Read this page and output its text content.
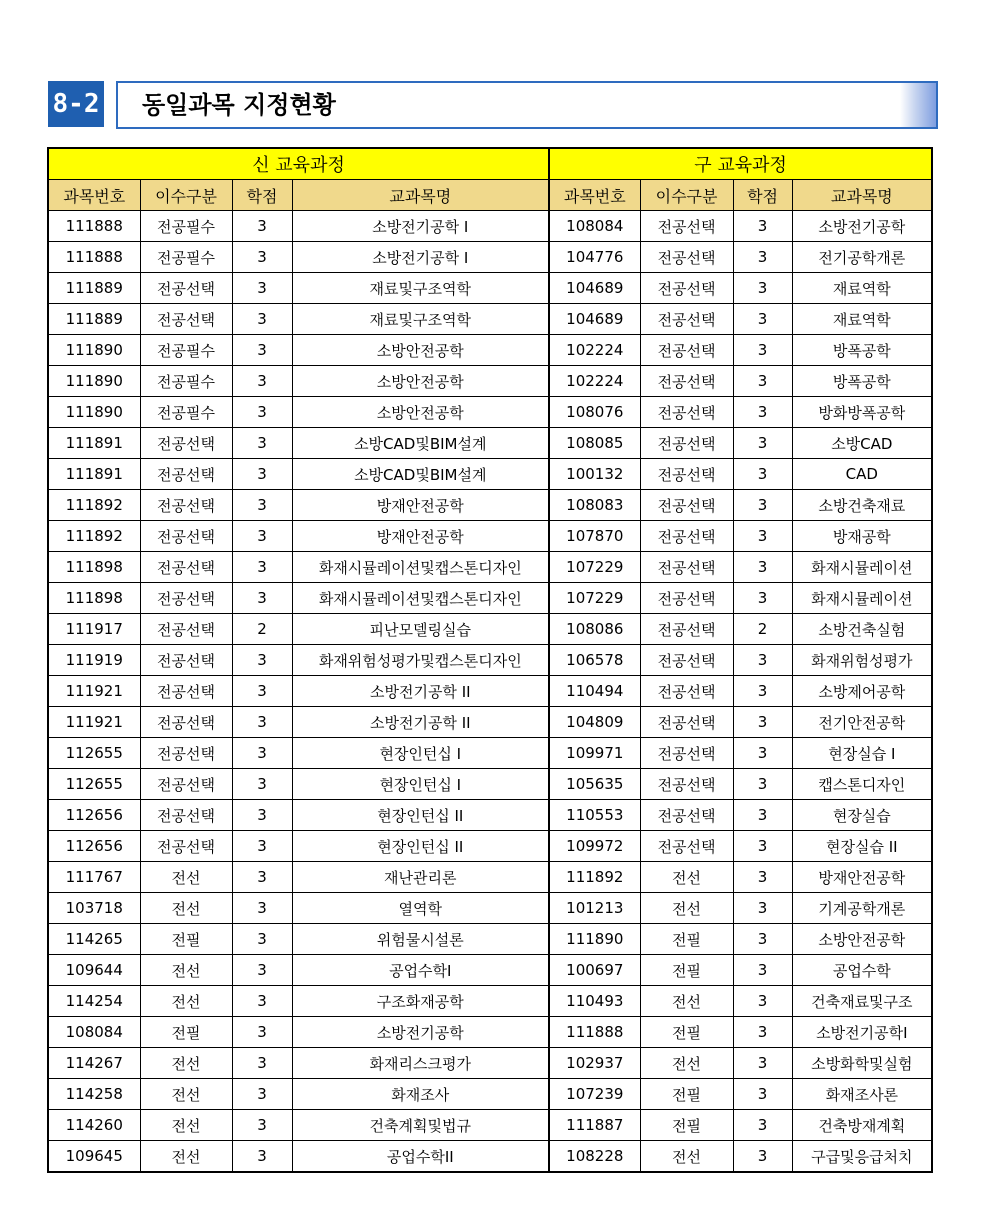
8-2 동일과목 지정현황
신 교육과정				구 교육과정			
과목번호	이수구분	학점	교과목명	과목번호	이수구분	학점	교과목명
111888	전공필수	3	소방전기공학 I	108084	전공선택	3	소방전기공학
111888	전공필수	3	소방전기공학 I	104776	전공선택	3	전기공학개론
111889	전공선택	3	재료및구조역학	104689	전공선택	3	재료역학
111889	전공선택	3	재료및구조역학	104689	전공선택	3	재료역학
111890	전공필수	3	소방안전공학	102224	전공선택	3	방폭공학
111890	전공필수	3	소방안전공학	102224	전공선택	3	방폭공학
111890	전공필수	3	소방안전공학	108076	전공선택	3	방화방폭공학
111891	전공선택	3	소방CAD및BIM설계	108085	전공선택	3	소방CAD
111891	전공선택	3	소방CAD및BIM설계	100132	전공선택	3	CAD
111892	전공선택	3	방재안전공학	108083	전공선택	3	소방건축재료
111892	전공선택	3	방재안전공학	107870	전공선택	3	방재공학
111898	전공선택	3	화재시뮬레이션및캡스톤디자인	107229	전공선택	3	화재시뮬레이션
111898	전공선택	3	화재시뮬레이션및캡스톤디자인	107229	전공선택	3	화재시뮬레이션
111917	전공선택	2	피난모델링실습	108086	전공선택	2	소방건축실험
111919	전공선택	3	화재위험성평가및캡스톤디자인	106578	전공선택	3	화재위험성평가
111921	전공선택	3	소방전기공학 II	110494	전공선택	3	소방제어공학
111921	전공선택	3	소방전기공학 II	104809	전공선택	3	전기안전공학
112655	전공선택	3	현장인턴십 I	109971	전공선택	3	현장실습 I
112655	전공선택	3	현장인턴십 I	105635	전공선택	3	캡스톤디자인
112656	전공선택	3	현장인턴십 II	110553	전공선택	3	현장실습
112656	전공선택	3	현장인턴십 II	109972	전공선택	3	현장실습 II
111767	전선	3	재난관리론	111892	전선	3	방재안전공학
103718	전선	3	열역학	101213	전선	3	기계공학개론
114265	전필	3	위험물시설론	111890	전필	3	소방안전공학
109644	전선	3	공업수학I	100697	전필	3	공업수학
114254	전선	3	구조화재공학	110493	전선	3	건축재료및구조
108084	전필	3	소방전기공학	111888	전필	3	소방전기공학I
114267	전선	3	화재리스크평가	102937	전선	3	소방화학및실험
114258	전선	3	화재조사	107239	전필	3	화재조사론
114260	전선	3	건축계획및법규	111887	전필	3	건축방재계획
109645	전선	3	공업수학II	108228	전선	3	구급및응급처치
